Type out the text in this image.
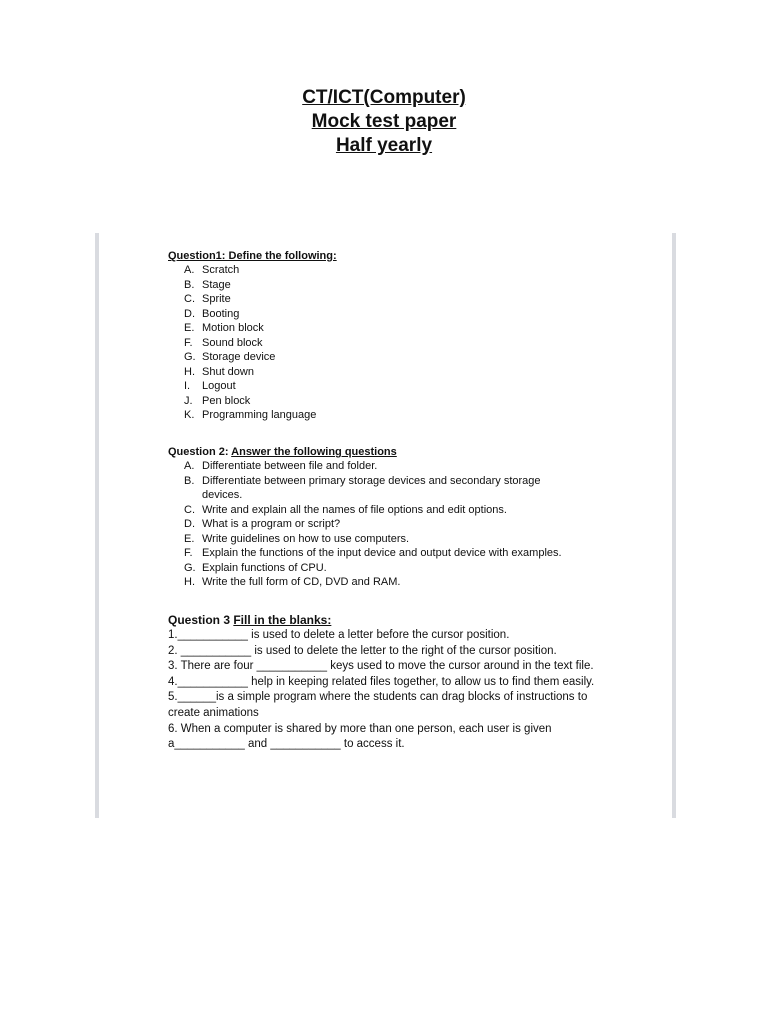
CT/ICT(Computer)

Mock test paper

Half yearly

Question1: Define the following:

A. Scratch
B. Stage
C. Sprite
D. Booting
E. Motion block
F. Sound block
G. Storage device
H. Shut down
I.	Logout
J. Pen block
K. Programming language

Question 2: Answer the following questions

A. Differentiate between file and folder.
B. Differentiate between primary storage devices and secondary storage devices.
C. Write and explain all the names of file options and edit options.
D. What is a program or script?
E. Write guidelines on how to use computers.
F. Explain the functions of the input device and output device with examples.
G. Explain functions of CPU.
H. Write the full form of CD, DVD and RAM.

Question 3 Fill in the blanks:

1.___________ is used to delete a letter before the cursor position.

2. ___________ is used to delete the letter to the right of the cursor position.

3. There are four ___________ keys used to move the cursor around in the text file.

4.___________ help in keeping related files together, to allow us to find them easily.

5.______is a simple program where the students can drag blocks of instructions to create animations

6. When a computer is shared by more than one person, each user is given a___________ and ___________ to access it.
